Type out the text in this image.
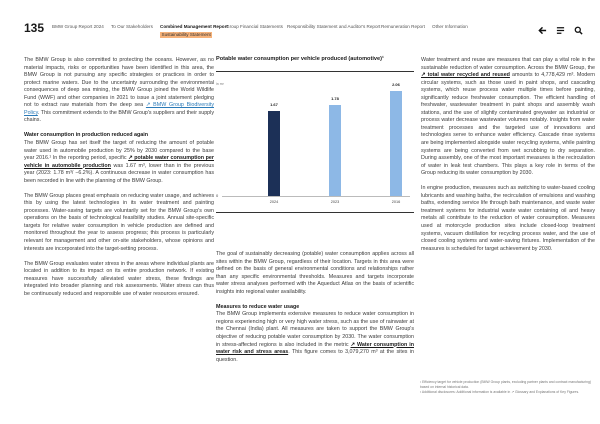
135 BMW Group Report 2024 To Our Stakeholders Combined Management Report
Group Financial Statements Responsibility Statement and Auditor's Report Remuneration Report Other Information
Sustainability Statement

The BMW Group is also committed to protecting the oceans. However, as no material impacts, risks or opportunities have been identified in this area, the BMW Group is not pursuing any specific strategies or practices in order to protect marine waters. Due to the uncertainty surrounding the environmental consequences of deep sea mining, the BMW Group joined the World Wildlife Fund (WWF) and other companies in 2021 to issue a joint statement pledging not to extract raw materials from the deep sea ↗ BMW Group Biodiversity Policy. This commitment extends to the BMW Group's suppliers and their supply chains.

Water consumption in production reduced again

The BMW Group has set itself the target of reducing the amount of potable water used in automobile production by 25% by 2030 compared to the base year 2016.¹ In the reporting period, specific ↗ potable water consumption per vehicle in automobile production was 1.67 m³, lower than in the previous year (2023: 1.78 m³/ −6.2%). A continuous decrease in water consumption has been recorded in line with the planning of the BMW Group.

The BMW Group places great emphasis on reducing water usage, and achieves this by using the latest technologies in its water treatment and painting processes. Water-saving targets are voluntarily set for the BMW Group's own operations on the basis of technological feasibility studies. Annual site-specific targets for relative water consumption in vehicle production are defined and monitored throughout the year to assess progress; this process is particularly relevant for management and other on-site stakeholders, whose opinions and interests are incorporated into the target-setting process.

The BMW Group evaluates water stress in the areas where individual plants are located in addition to its impact on its entire production network. If existing measures have successfully alleviated water stress, these findings are integrated into broader planning and risk assessments. Water stress can thus be continuously reduced and responsible use of water resources ensured.

Potable water consumption per vehicle produced (automotive)¹
in m³
0
1.67
1.78
2.06
2024	2023	2016

The goal of sustainably decreasing (potable) water consumption applies across all sites within the BMW Group, regardless of their location. Targets in this area were defined on the basis of general environmental conditions and relationships rather than any specific environmental thresholds. Measures and targets incorporate water stress analyses performed with the Aqueduct Atlas on the basis of scientific insights into regional water availability.

Measures to reduce water usage

The BMW Group implements extensive measures to reduce water consumption in regions experiencing high or very high water stress, such as the use of rainwater at the Chennai (India) plant. All measures are taken to support the BMW Group's objective of reducing potable water consumption by 2030. The water consumption in stress-affected regions is also included in the metric ↗ Water consumption in water risk and stress areas. This figure comes to 3,079,270 m³ at the sites in question.

Water treatment and reuse are measures that can play a vital role in the sustainable reduction of water consumption. Across the BMW Group, the ↗ total water recycled and reused amounts to 4,778,429 m³. Modern circular systems, such as those used in paint shops, and cascading systems, which reuse process water multiple times before painting, significantly reduce freshwater consumption. The efficient handling of freshwater, wastewater treatment in paint shops and assembly wash stations, and the use of slightly contaminated greywater as industrial or process water decrease wastewater volumes notably. Insights from water treatment processes and the targeted use of innovations and technologies serve to enhance water efficiency. Cascade rinse systems are being implemented alongside water recycling systems, while painting systems are being converted from wet scrubbing to dry separation. During assembly, one of the most important measures is the recirculation of water in leak test chambers. This plays a key role in terms of the Group reducing its water consumption by 2030.

In engine production, measures such as switching to water-based cooling lubricants and washing baths, the recirculation of emulsions and washing baths, extending service life through bath maintenance, and waste water treatment systems for industrial waste water containing oil and heavy metals all contribute to the reduction of water consumption. Measures used at motorcycle production sites include closed-loop treatment systems, vacuum distillation for recycling process water, and the use of closed cooling systems and water-saving fixtures. Implementation of the measures is scheduled for target achievement by 2030.

¹ Efficiency target for vehicle production (BMW Group plants, excluding partner plants and contract manufacturing) based on internal historical data.
² Additional disclosures: Additional information is available in ↗ Glossary and Explanations of Key Figures.
